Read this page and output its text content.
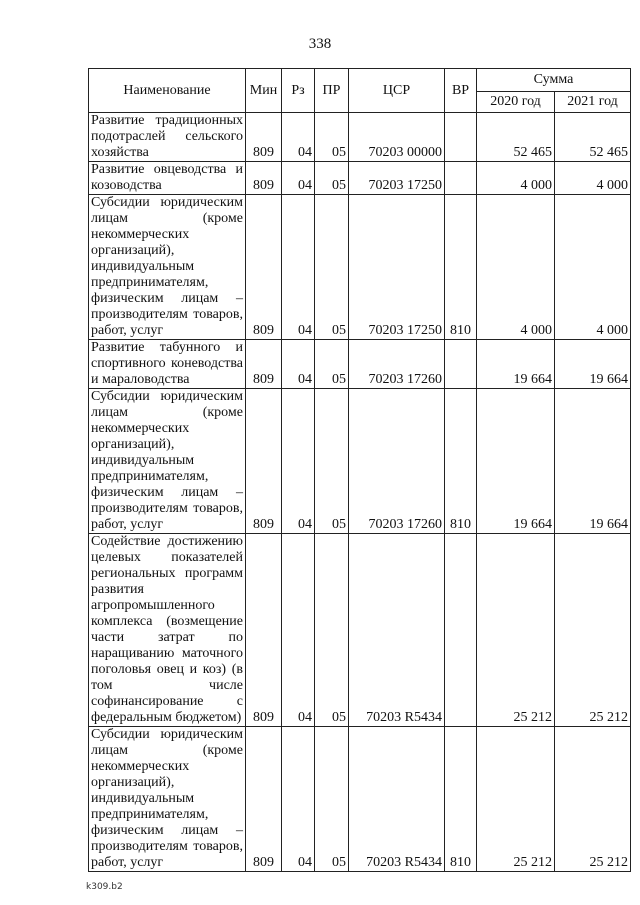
338
Наименование	Мин	Рз	ПР	ЦСР	ВР	Сумма	
						2020 год	2021 год
Развитие традиционных подотраслей сельского хозяйства	809	04	05	70203 00000		52 465	52 465
Развитие овцеводства и козоводства	809	04	05	70203 17250		4 000	4 000
Субсидии юридическим лицам (кроме некоммерческих организаций), индивидуальным предпринимателям, физическим лицам – производителям товаров, работ, услуг	809	04	05	70203 17250	810	4 000	4 000
Развитие табунного и спортивного коневодства и мараловодства	809	04	05	70203 17260		19 664	19 664
Субсидии юридическим лицам (кроме некоммерческих организаций), индивидуальным предпринимателям, физическим лицам – производителям товаров, работ, услуг	809	04	05	70203 17260	810	19 664	19 664
Содействие достижению целевых показателей региональных программ развития агропромышленного комплекса (возмещение части затрат по наращиванию маточного поголовья овец и коз) (в том числе софинансирование с федеральным бюджетом)	809	04	05	70203 R5434		25 212	25 212
Субсидии юридическим лицам (кроме некоммерческих организаций), индивидуальным предпринимателям, физическим лицам – производителям товаров, работ, услуг	809	04	05	70203 R5434	810	25 212	25 212
k309.b2
